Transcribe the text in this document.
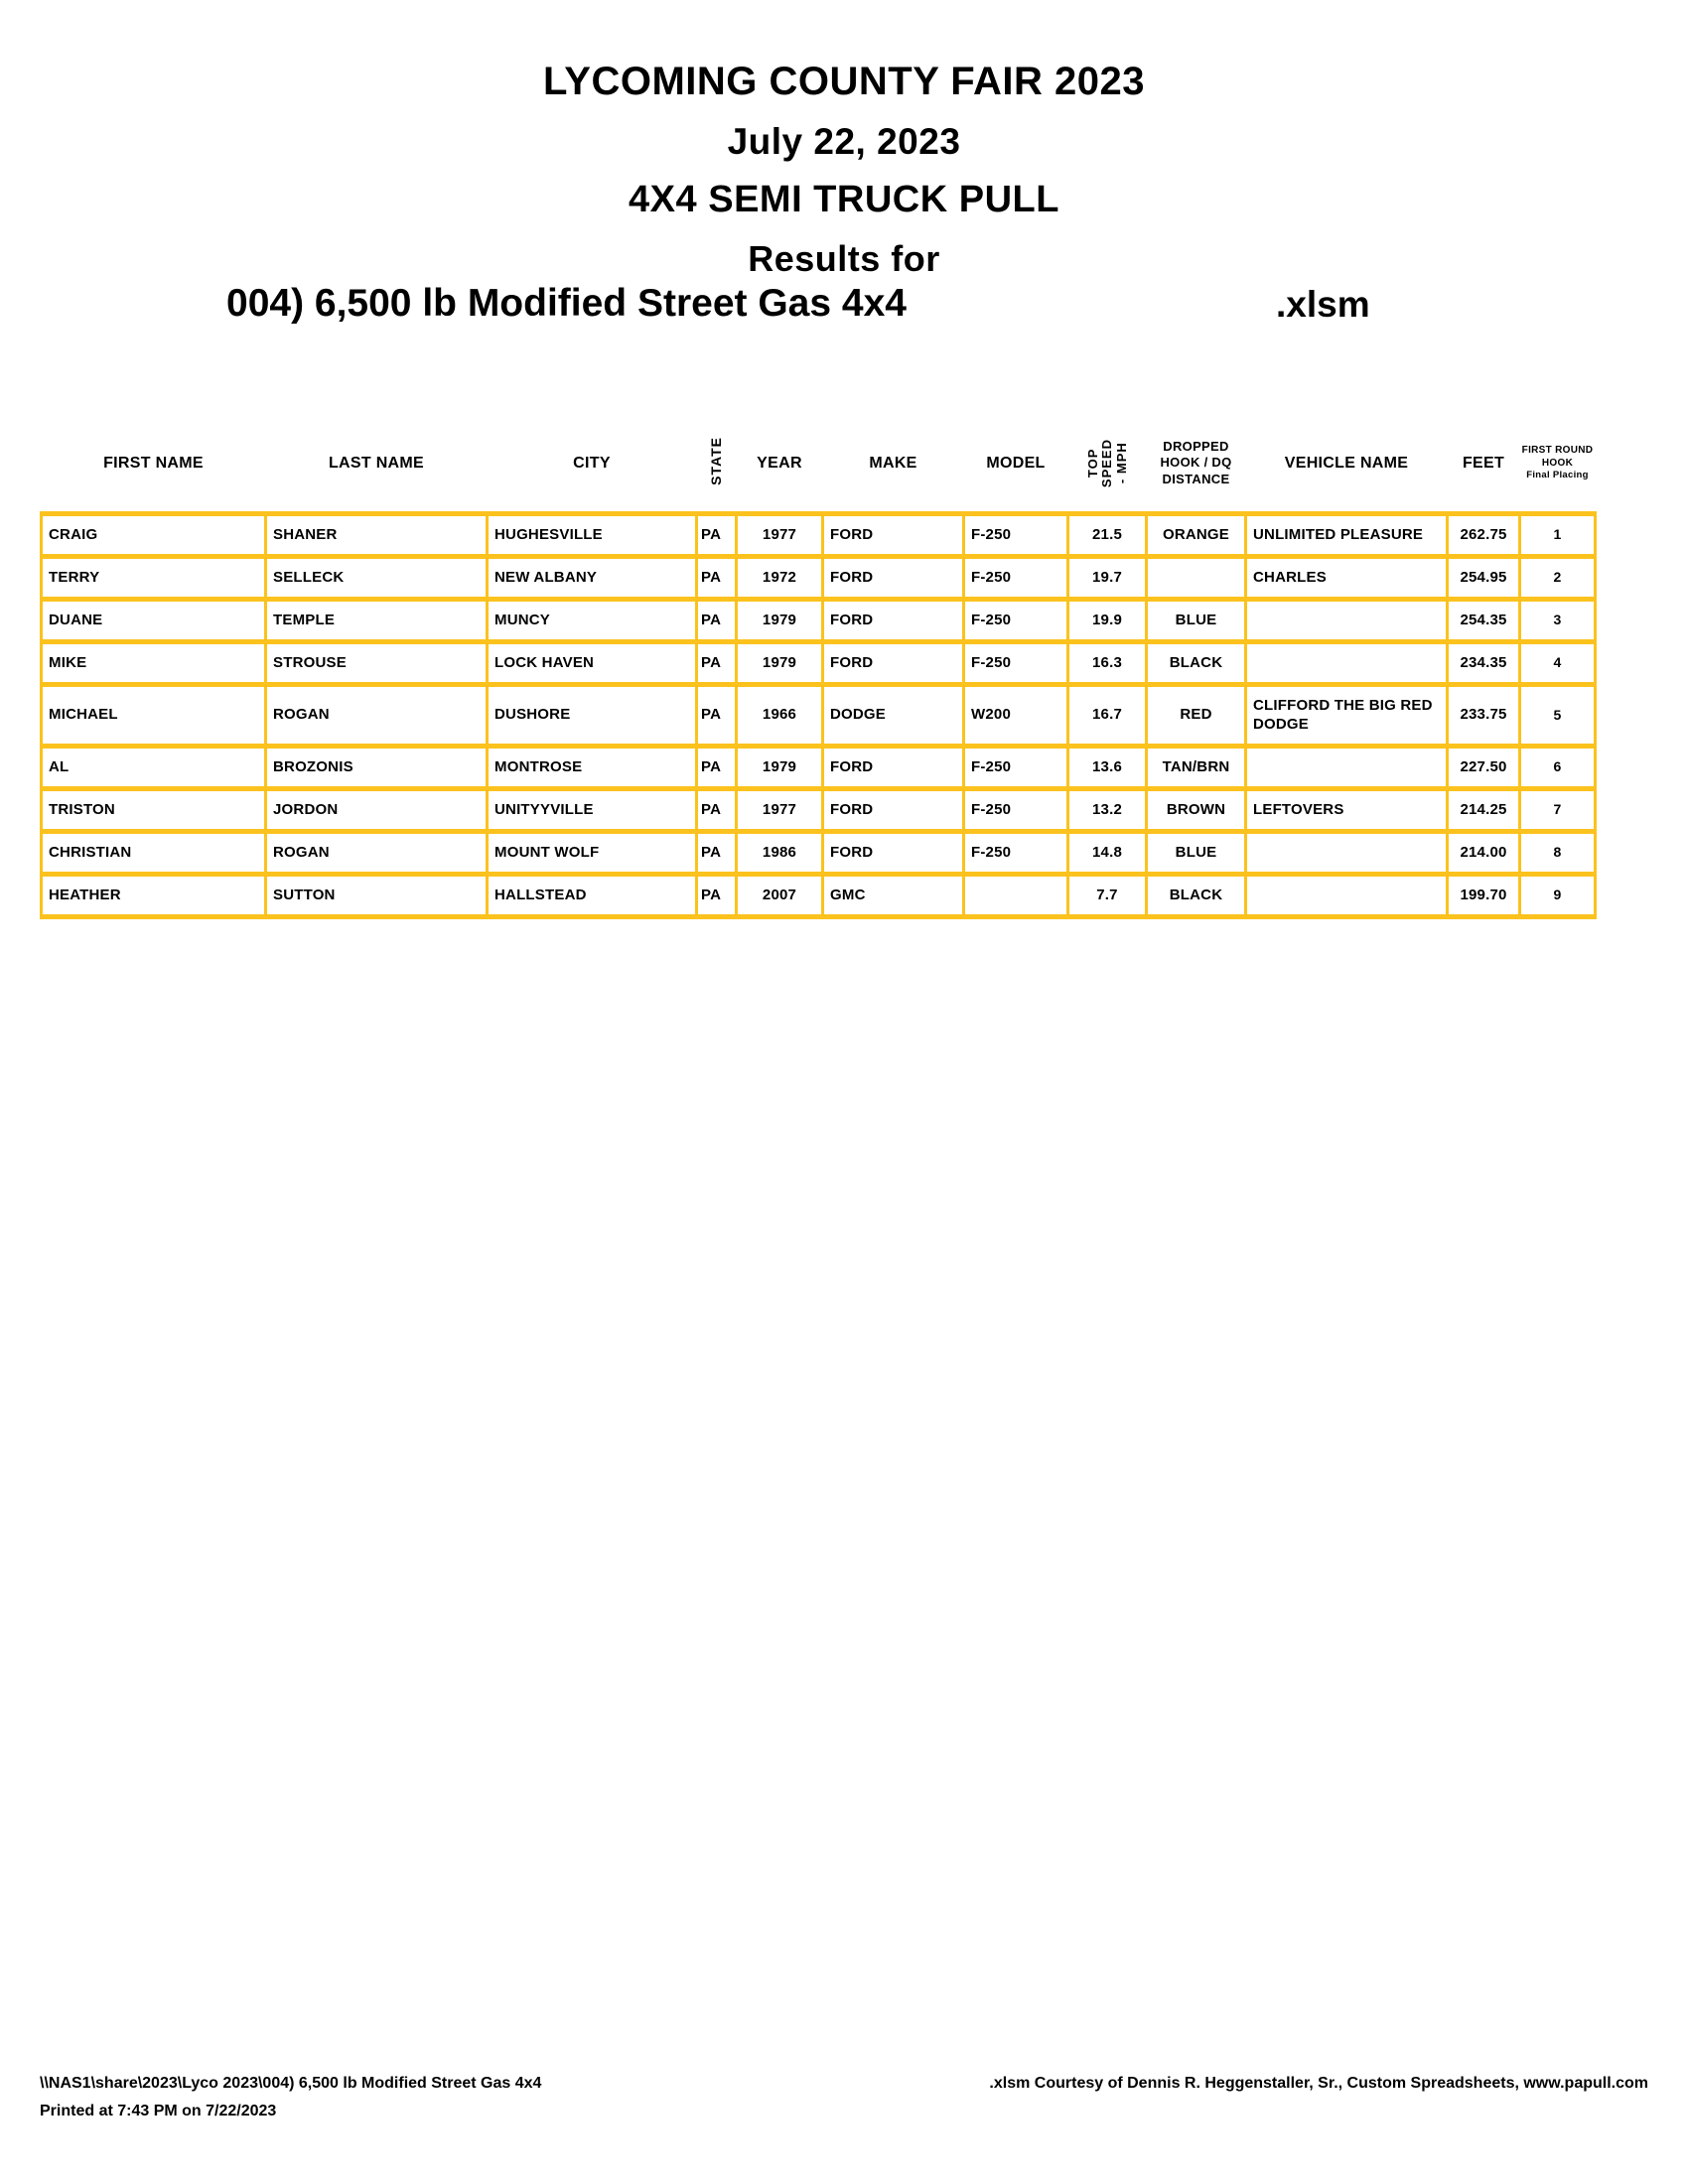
LYCOMING COUNTY FAIR 2023
July 22, 2023
4X4 SEMI TRUCK PULL
Results for
004) 6,500 lb Modified Street Gas 4x4	.xlsm
FIRST NAME	LAST NAME	CITY	STATE	YEAR	MAKE	MODEL	TOP SPEED - MPH	DROPPED
HOOK / DQ
DISTANCE
	VEHICLE NAME	FEET	
FIRST ROUND
HOOK
Final Placing

CRAIG	SHANER	HUGHESVILLE	PA	1977	FORD	F-250	21.5	ORANGE	UNLIMITED PLEASURE	262.75	1
TERRY	SELLECK	NEW ALBANY	PA	1972	FORD	F-250	19.7		CHARLES	254.95	2
DUANE	TEMPLE	MUNCY	PA	1979	FORD	F-250	19.9	BLUE		254.35	3
MIKE	STROUSE	LOCK HAVEN	PA	1979	FORD	F-250	16.3	BLACK		234.35	4
MICHAEL	ROGAN	DUSHORE	PA	1966	DODGE	W200	16.7	RED	CLIFFORD THE BIG RED DODGE	233.75	5
AL	BROZONIS	MONTROSE	PA	1979	FORD	F-250	13.6	TAN/BRN		227.50	6
TRISTON	JORDON	UNITYYVILLE	PA	1977	FORD	F-250	13.2	BROWN	LEFTOVERS	214.25	7
CHRISTIAN	ROGAN	MOUNT WOLF	PA	1986	FORD	F-250	14.8	BLUE		214.00	8
HEATHER	SUTTON	HALLSTEAD	PA	2007	GMC		7.7	BLACK		199.70	9
\\NAS1\share\2023\Lyco 2023\004) 6,500 lb Modified Street Gas 4x4	.xlsm Courtesy of Dennis R. Heggenstaller, Sr., Custom Spreadsheets, www.papull.com
Printed at 7:43 PM on 7/22/2023
